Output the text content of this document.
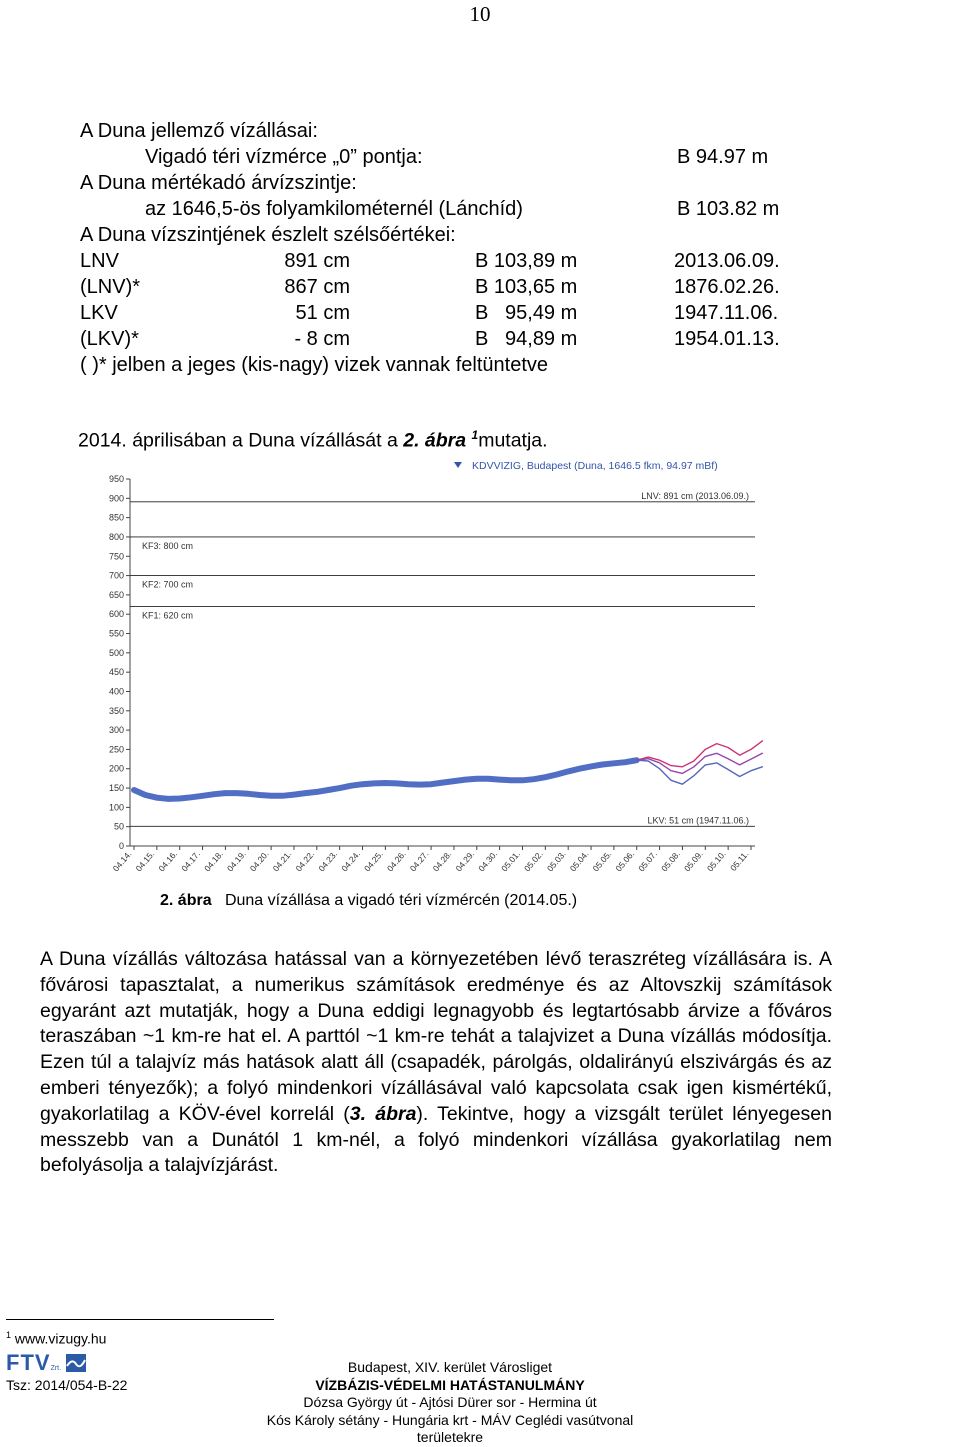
10
A Duna jellemző vízállásai:
Vigadó téri vízmérce „0” pontja:	B 94.97 m
A Duna mértékadó árvízszintje:
az 1646,5-ös folyamkilométernél (Lánchíd)	B 103.82 m
A Duna vízszintjének észlelt szélsőértékei:
LNV	891 cm	B 103,89 m	2013.06.09.
(LNV)*	867 cm	B 103,65 m	1876.02.26.
LKV	51 cm	B   95,49 m	1947.11.06.
(LKV)*	- 8 cm	B   94,89 m	1954.01.13.
( )* jelben a jeges (kis-nagy) vizek vannak feltüntetve
2014. áprilisában a Duna vízállását a 2. ábra $^1$mutatja.
KDVVIZIG, Budapest (Duna, 1646.5 fkm, 94.97 mBf)
0
50
100
150
200
250
300
350
400
450
500
550
600
650
700
750
800
850
900
950
04.14. 04.15. 04.16. 04.17. 04.18. 04.19. 04.20. 04.21. 04.22. 04.23. 04.24. 04.25. 04.26. 04.27. 04.28. 04.29. 04.30. 05.01. 05.02. 05.03. 05.04. 05.05. 05.06. 05.07. 05.08. 05.09. 05.10. 05.11.
LNV: 891 cm (2013.06.09.)
KF3: 800 cm
KF2: 700 cm
KF1: 620 cm
LKV: 51 cm (1947.11.06.)
2. ábra Duna vízállása a vigadó téri vízmércén (2014.05.)
A Duna vízállás változása hatással van a környezetében lévő teraszréteg vízállására is. A fővárosi tapasztalat, a numerikus számítások eredménye és az Altovszkij számítások egyaránt azt mutatják, hogy a Duna eddigi legnagyobb és legtartósabb árvize a főváros teraszában ~1 km-re hat el. A parttól ~1 km-re tehát a talajvizet a Duna vízállás módosítja. Ezen túl a talajvíz más hatások alatt áll (csapadék, párolgás, oldalirányú elszivárgás és az emberi tényezők); a folyó mindenkori vízállásával való kapcsolata csak igen kismértékű, gyakorlatilag a KÖV-ével korrelál (3. ábra). Tekintve, hogy a vizsgált terület lényegesen messzebb van a Dunától 1 km-nél, a folyó mindenkori vízállása gyakorlatilag nem befolyásolja a talajvízjárást.
$^1$ www.vizugy.hu
FTVZrt.
Tsz: 2014/054-B-22
Budapest, XIV. kerület Városliget
VÍZBÁZIS-VÉDELMI HATÁSTANULMÁNY
Dózsa György út - Ajtósi Dürer sor - Hermina út
Kós Károly sétány - Hungária krt - MÁV Ceglédi vasútvonal
területekre
